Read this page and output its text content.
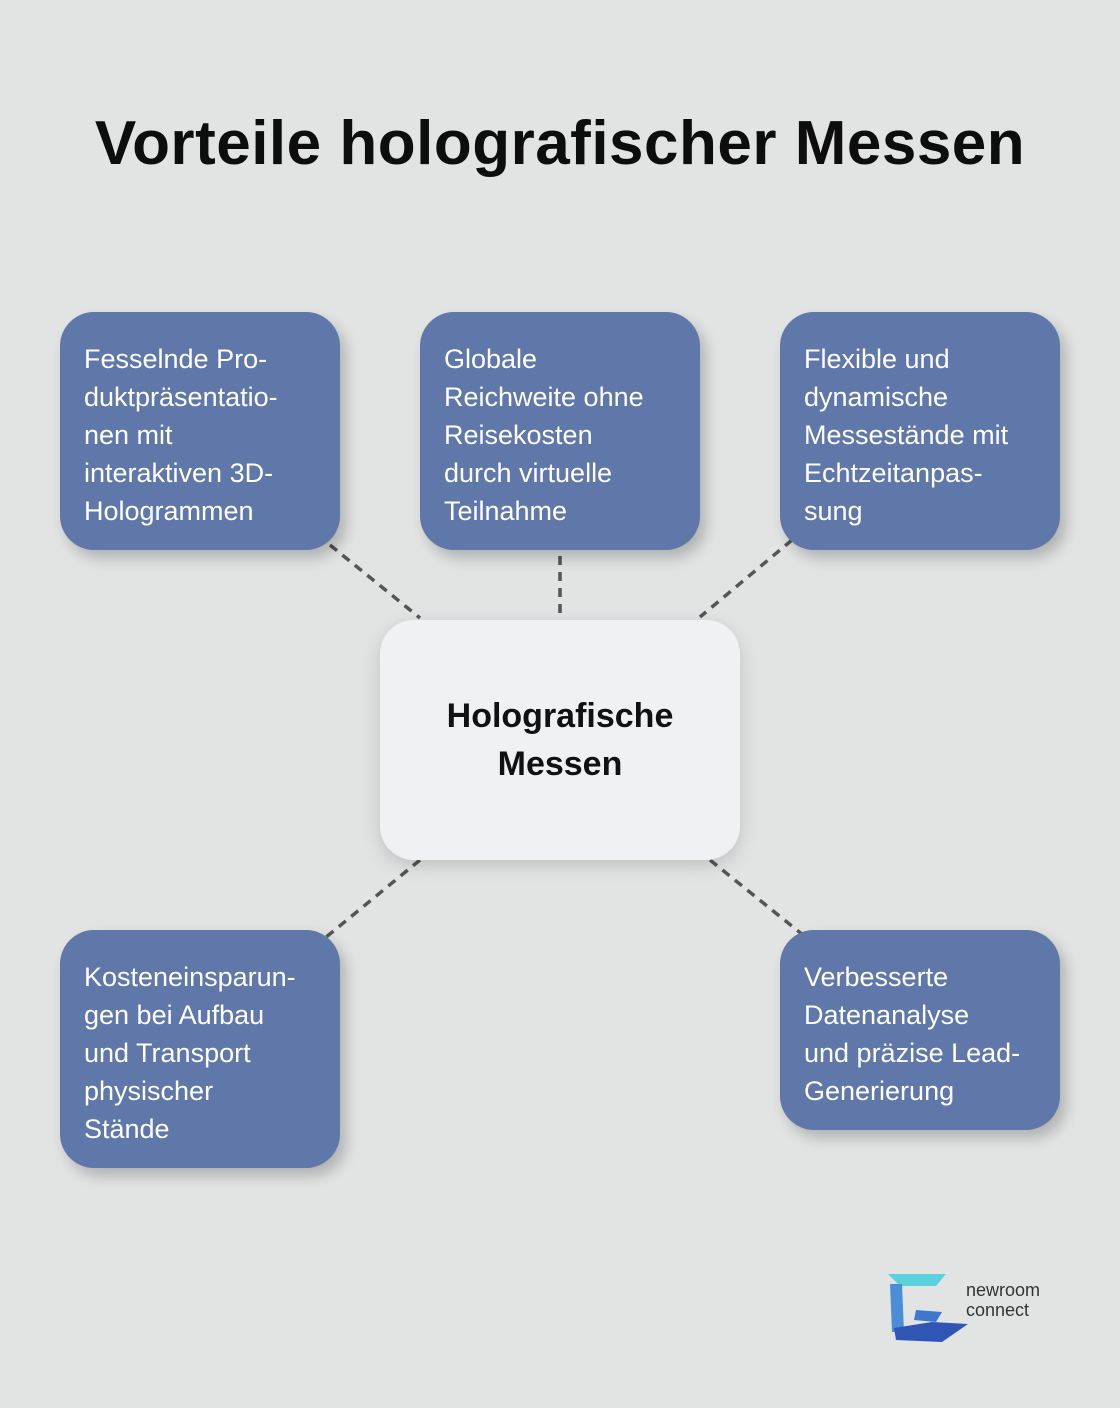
Vorteile holografischer Messen
Fesselnde Pro-
duktpräsentatio-
nen mit
interaktiven 3D-
Hologrammen
Globale
Reichweite ohne
Reisekosten
durch virtuelle
Teilnahme
Flexible und
dynamische
Messestände mit
Echtzeitanpas-
sung
Kosteneinsparun-
gen bei Aufbau
und Transport
physischer
Stände
Verbesserte
Datenanalyse
und präzise Lead-
Generierung
Holografische
Messen
newroom
connect
